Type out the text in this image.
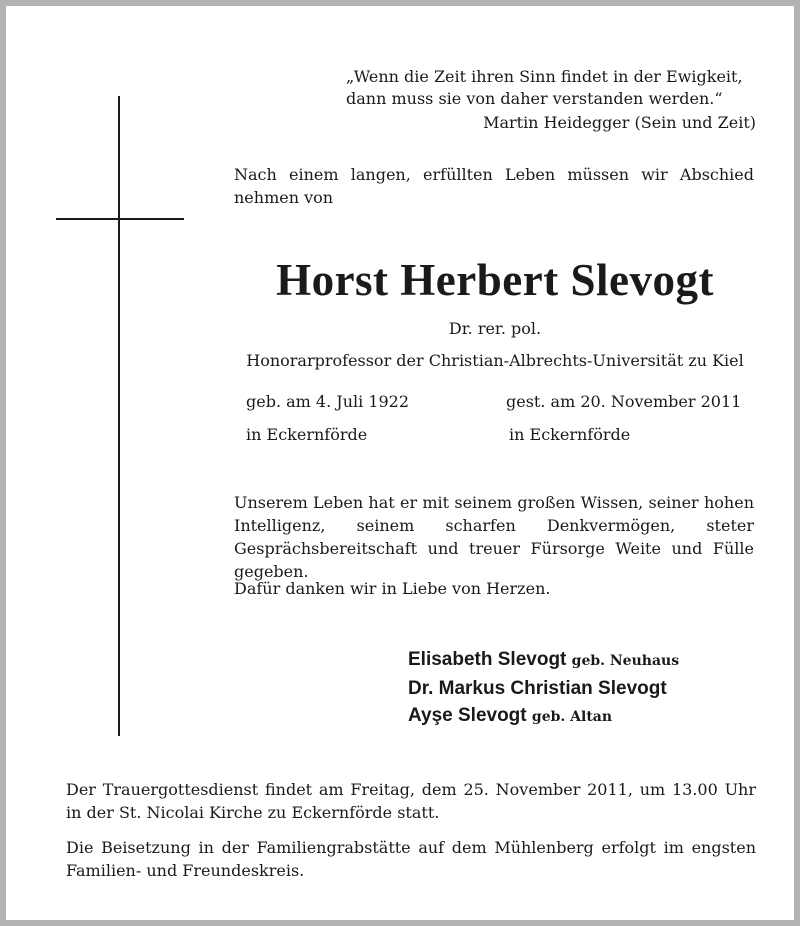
„Wenn die Zeit ihren Sinn findet in der Ewigkeit,
dann muss sie von daher verstanden werden.“
Martin Heidegger (Sein und Zeit)
Nach einem langen, erfüllten Leben müssen wir Abschied nehmen von
Horst Herbert Slevogt
Dr. rer. pol.
Honorarprofessor der Christian-Albrechts-Universität zu Kiel
geb. am 4. Juli 1922
in Eckernförde
gest. am 20. November 2011
in Eckernförde
Unserem Leben hat er mit seinem großen Wissen, seiner hohen Intelligenz, seinem scharfen Denkvermögen, steter Gesprächsbereitschaft und treuer Fürsorge Weite und Fülle gegeben.
Dafür danken wir in Liebe von Herzen.
Elisabeth Slevogt geb. Neuhaus
Dr. Markus Christian Slevogt
Ayşe Slevogt geb. Altan
Der Trauergottesdienst findet am Freitag, dem 25. November 2011, um 13.00 Uhr in der St. Nicolai Kirche zu Eckernförde statt.
Die Beisetzung in der Familiengrabstätte auf dem Mühlenberg erfolgt im engsten Familien- und Freundeskreis.
